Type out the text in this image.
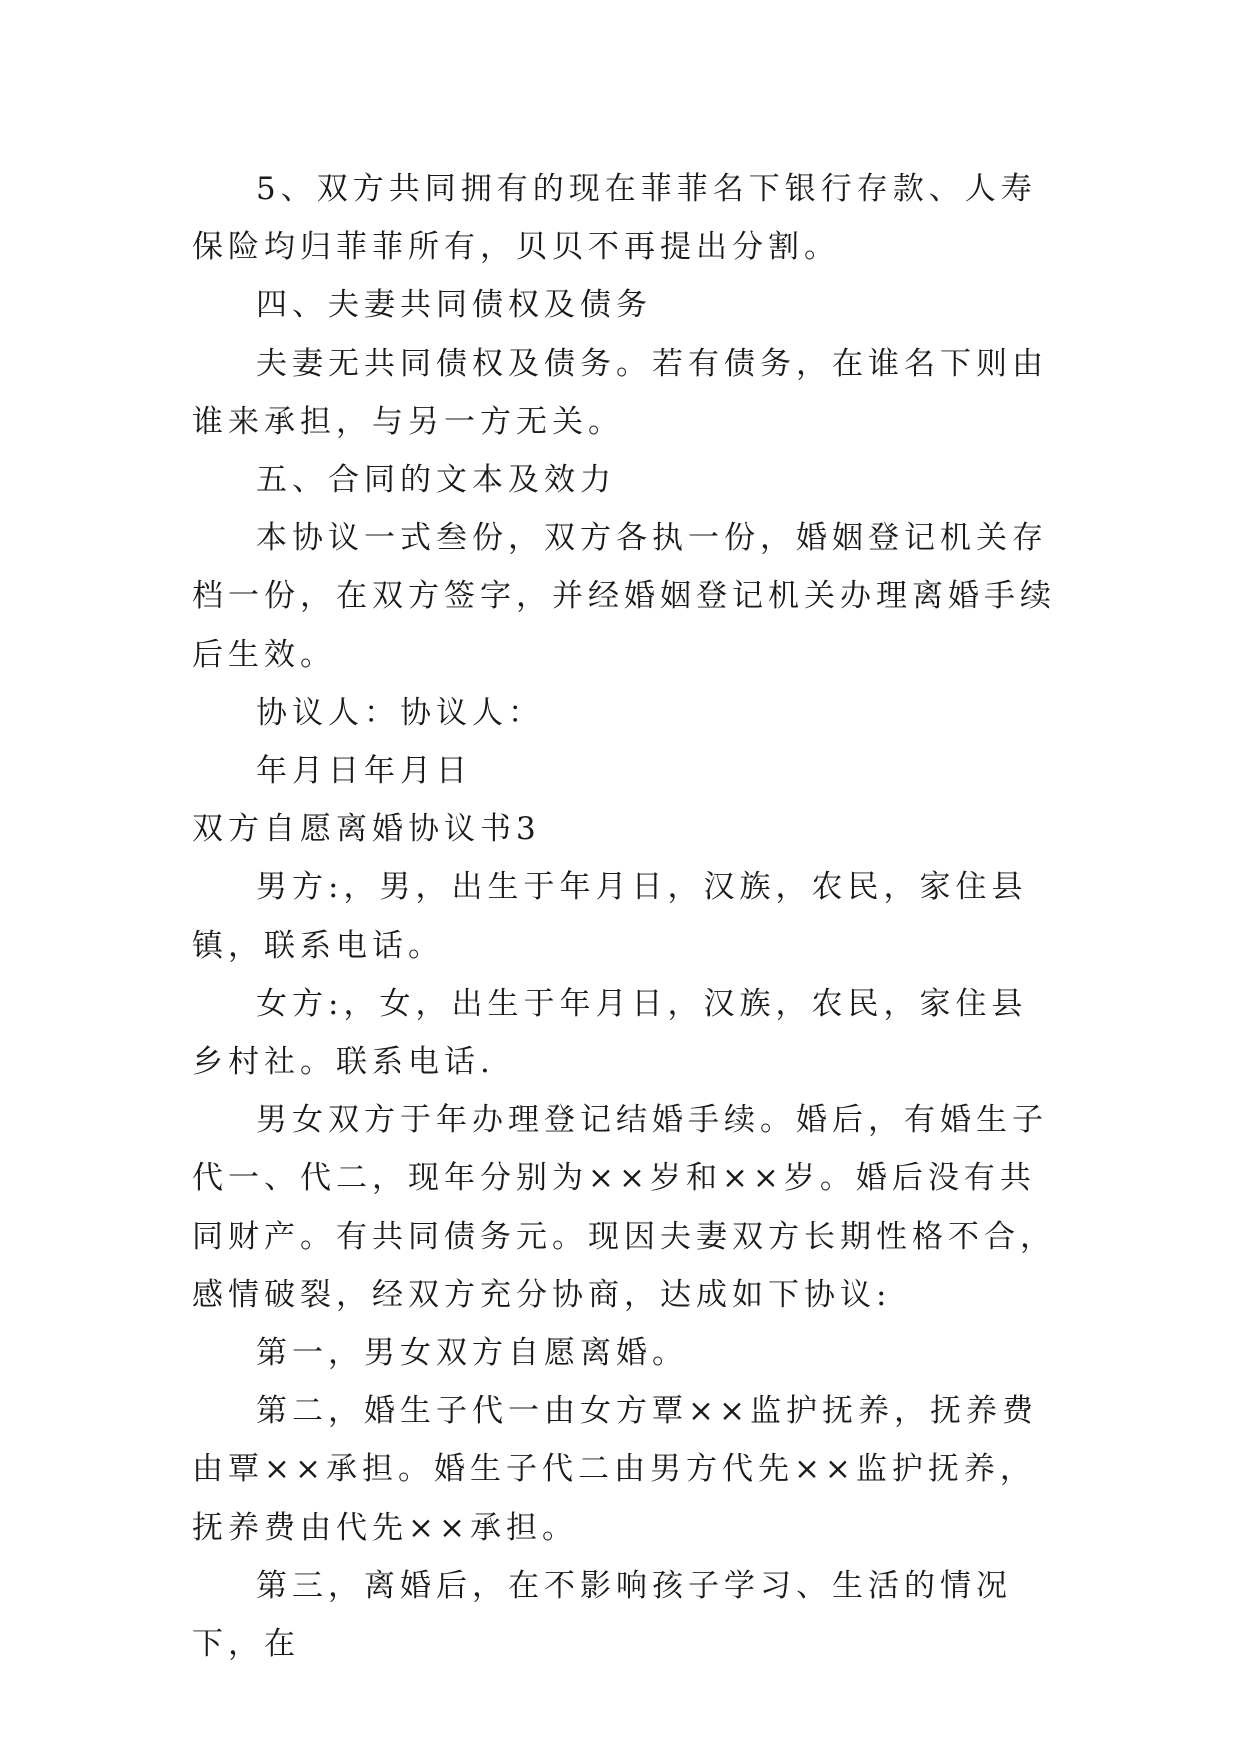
5、双方共同拥有的现在菲菲名下银行存款、人寿保险均归菲菲所有，贝贝不再提出分割。

四、夫妻共同债权及债务

夫妻无共同债权及债务。若有债务，在谁名下则由谁来承担，与另一方无关。

五、合同的文本及效力

本协议一式叁份，双方各执一份，婚姻登记机关存档一份，在双方签字，并经婚姻登记机关办理离婚手续后生效。

协议人：协议人：

年月日年月日

双方自愿离婚协议书3

男方:，男，出生于年月日，汉族，农民，家住县镇，联系电话。

女方:，女，出生于年月日，汉族，农民，家住县乡村社。联系电话.

男女双方于年办理登记结婚手续。婚后，有婚生子代一、代二，现年分别为××岁和××岁。婚后没有共同财产。有共同债务元。现因夫妻双方长期性格不合，感情破裂，经双方充分协商，达成如下协议:

第一，男女双方自愿离婚。

第二，婚生子代一由女方覃××监护抚养，抚养费由覃××承担。婚生子代二由男方代先××监护抚养，抚养费由代先××承担。

第三，离婚后，在不影响孩子学习、生活的情况下，在
